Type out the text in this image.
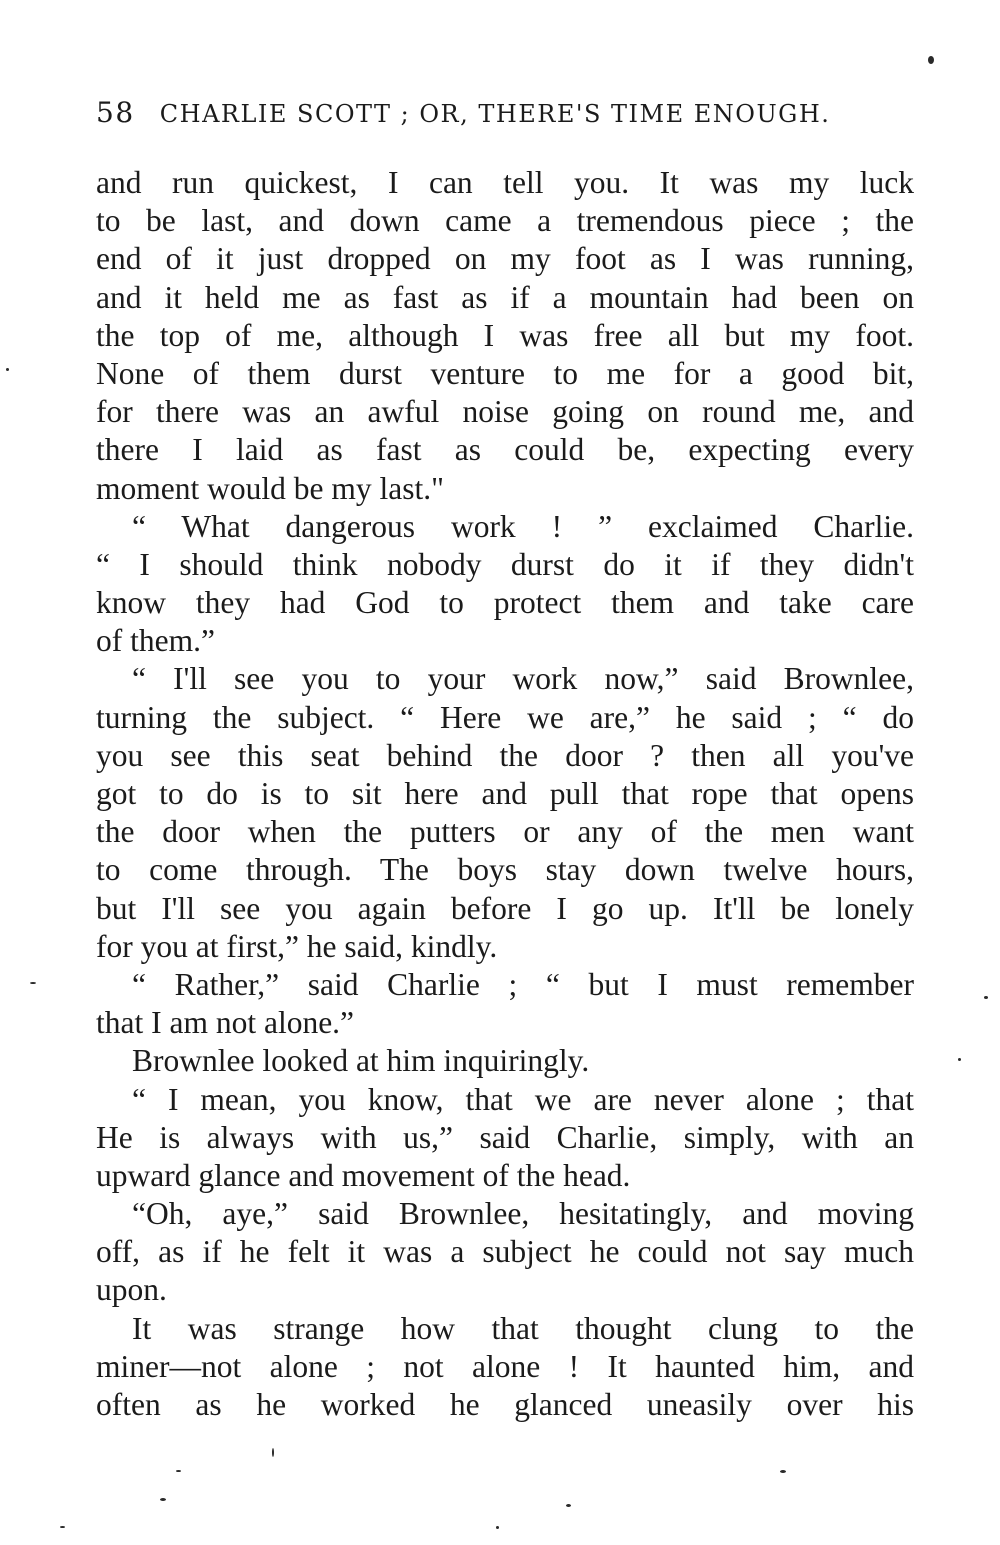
58 CHARLIE SCOTT ; OR, THERE'S TIME ENOUGH.
and run quickest, I can tell you. It was my luck
to be last, and down came a tremendous piece ; the
end of it just dropped on my foot as I was running,
and it held me as fast as if a mountain had been on
the top of me, although I was free all but my foot.
None of them durst venture to me for a good bit,
for there was an awful noise going on round me, and
there I laid as fast as could be, expecting every
moment would be my last."
“ What dangerous work ! ” exclaimed Charlie.
“ I should think nobody durst do it if they didn't
know they had God to protect them and take care
of them.”
“ I'll see you to your work now,” said Brownlee,
turning the subject. “ Here we are,” he said ; “ do
you see this seat behind the door ? then all you've
got to do is to sit here and pull that rope that opens
the door when the putters or any of the men want
to come through. The boys stay down twelve hours,
but I'll see you again before I go up. It'll be lonely
for you at first,” he said, kindly.
“ Rather,” said Charlie ; “ but I must remember
that I am not alone.”
Brownlee looked at him inquiringly.
“ I mean, you know, that we are never alone ; that
He is always with us,” said Charlie, simply, with an
upward glance and movement of the head.
“Oh, aye,” said Brownlee, hesitatingly, and moving
off, as if he felt it was a subject he could not say much
upon.
It was strange how that thought clung to the
miner—not alone ; not alone ! It haunted him, and
often as he worked he glanced uneasily over his
